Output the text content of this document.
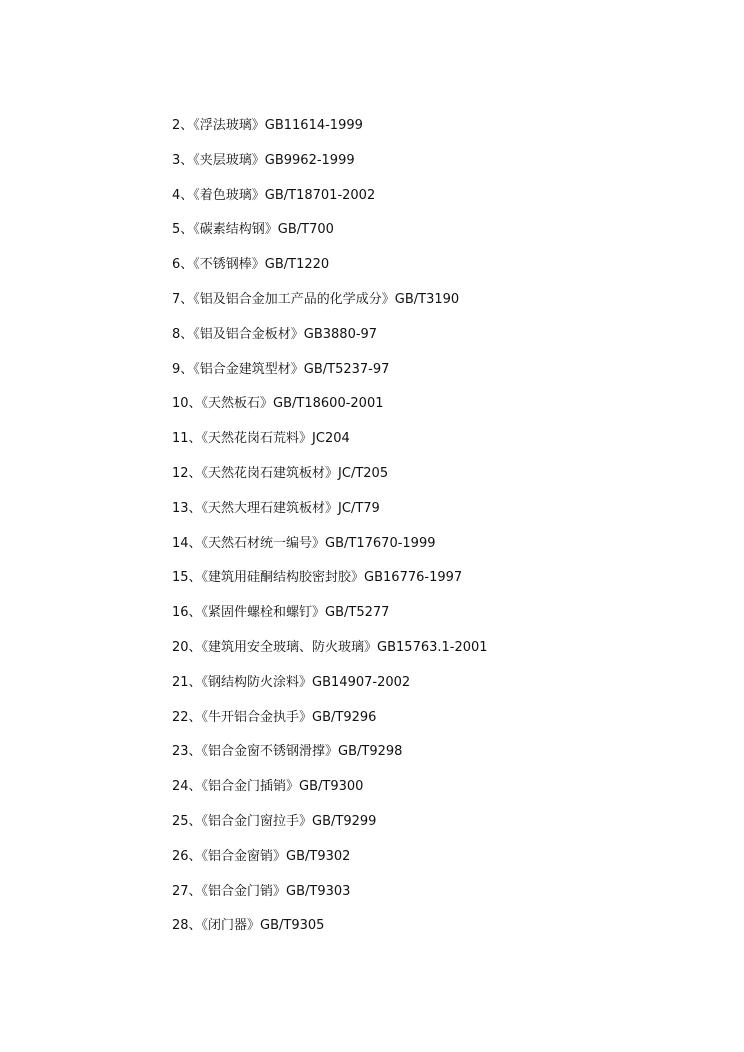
2、《浮法玻璃》GB11614-1999
3、《夹层玻璃》GB9962-1999
4、《着色玻璃》GB/T18701-2002
5、《碳素结构钢》GB/T700
6、《不锈钢棒》GB/T1220
7、《铝及铝合金加工产品的化学成分》GB/T3190
8、《铝及铝合金板材》GB3880-97
9、《铝合金建筑型材》GB/T5237-97
10、《天然板石》GB/T18600-2001
11、《天然花岗石荒料》JC204
12、《天然花岗石建筑板材》JC/T205
13、《天然大理石建筑板材》JC/T79
14、《天然石材统一编号》GB/T17670-1999
15、《建筑用硅酮结构胶密封胶》GB16776-1997
16、《紧固件螺栓和螺钉》GB/T5277
20、《建筑用安全玻璃、防火玻璃》GB15763.1-2001
21、《钢结构防火涂料》GB14907-2002
22、《牛开铝合金执手》GB/T9296
23、《铝合金窗不锈钢滑撑》GB/T9298
24、《铝合金门插销》GB/T9300
25、《铝合金门窗拉手》GB/T9299
26、《铝合金窗销》GB/T9302
27、《铝合金门销》GB/T9303
28、《闭门器》GB/T9305
